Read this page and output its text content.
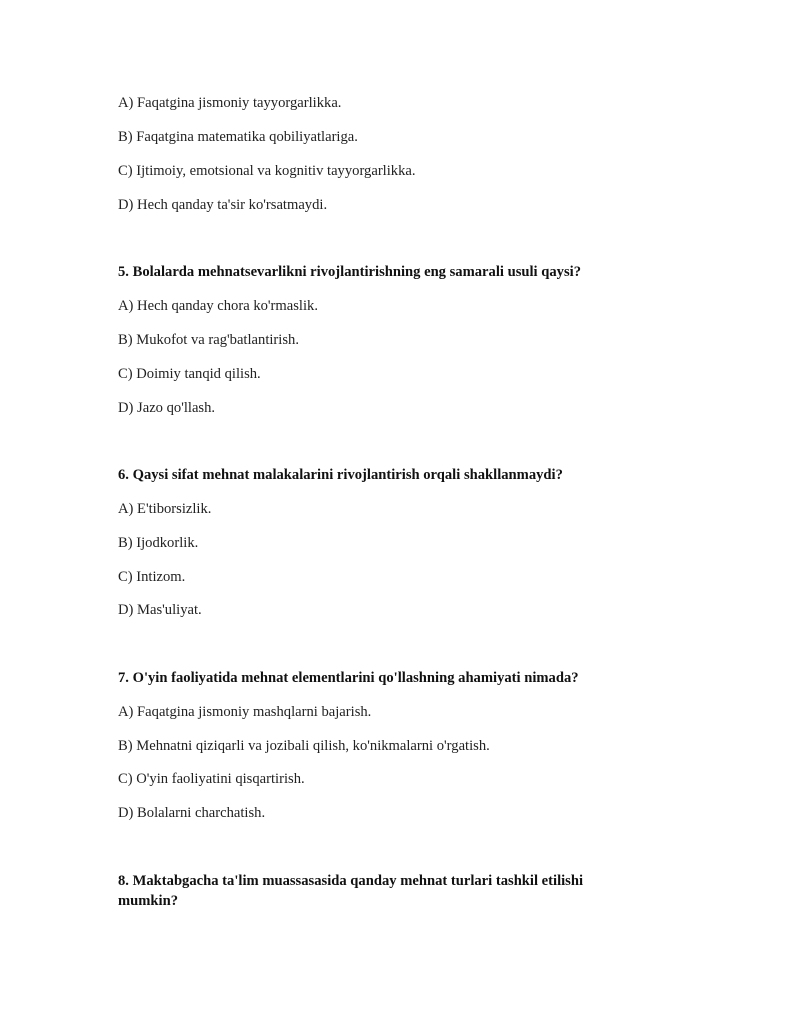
A) Faqatgina jismoniy tayyorgarlikka.
B) Faqatgina matematika qobiliyatlariga.
C) Ijtimoiy, emotsional va kognitiv tayyorgarlikka.
D) Hech qanday ta'sir ko'rsatmaydi.
5. Bolalarda mehnatsevarlikni rivojlantirishning eng samarali usuli qaysi?
A) Hech qanday chora ko'rmaslik.
B) Mukofot va rag'batlantirish.
C) Doimiy tanqid qilish.
D) Jazo qo'llash.
6. Qaysi sifat mehnat malakalarini rivojlantirish orqali shakllanmaydi?
A) E'tiborsizlik.
B) Ijodkorlik.
C) Intizom.
D) Mas'uliyat.
7. O'yin faoliyatida mehnat elementlarini qo'llashning ahamiyati nimada?
A) Faqatgina jismoniy mashqlarni bajarish.
B) Mehnatni qiziqarli va jozibali qilish, ko'nikmalarni o'rgatish.
C) O'yin faoliyatini qisqartirish.
D) Bolalarni charchatish.
8. Maktabgacha ta'lim muassasasida qanday mehnat turlari tashkil etilishi mumkin?
